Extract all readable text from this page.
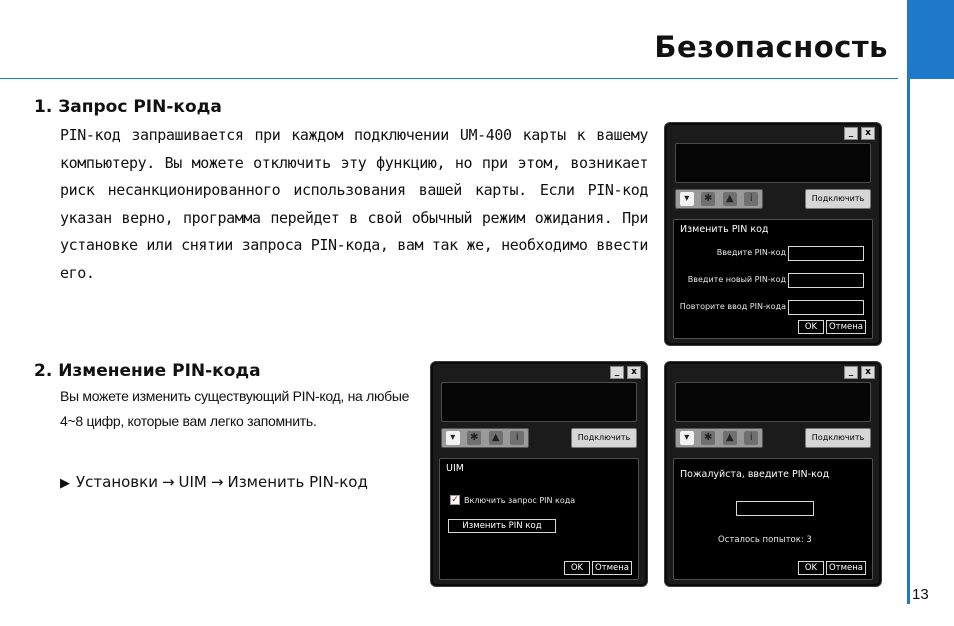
Безопасность
1. Запрос PIN-кода
PIN-код запрашивается при каждом подключении UM-400 карты к вашему компьютеру. Вы можете отключить эту функцию, но при этом, возникает риск несанкционированного использования вашей карты. Если PIN-код указан верно, программа перейдет в свой обычный режим ожидания. При установке или снятии запроса PIN-кода, вам так же, необходимо ввести его.
2. Изменение PIN-кода
Вы можете изменить существующий PIN-код, на любые 4~8 цифр, которые вам легко запомнить.
▶ Установки → UIM → Изменить PIN-код
_	x
▾	✱	▲	i	Подключить
Изменить PIN код
Введите PIN-код
Введите новый PIN-код
Повторите ввод PIN-кода
OK	Отмена
_	x
▾	✱	▲	i	Подключить
UIM
✓ Включить запрос PIN кода
Изменить PIN код
OK	Отмена
_	x
▾	✱	▲	i	Подключить
Пожалуйста, введите PIN-код
Осталось попыток: 3
OK	Отмена
13
